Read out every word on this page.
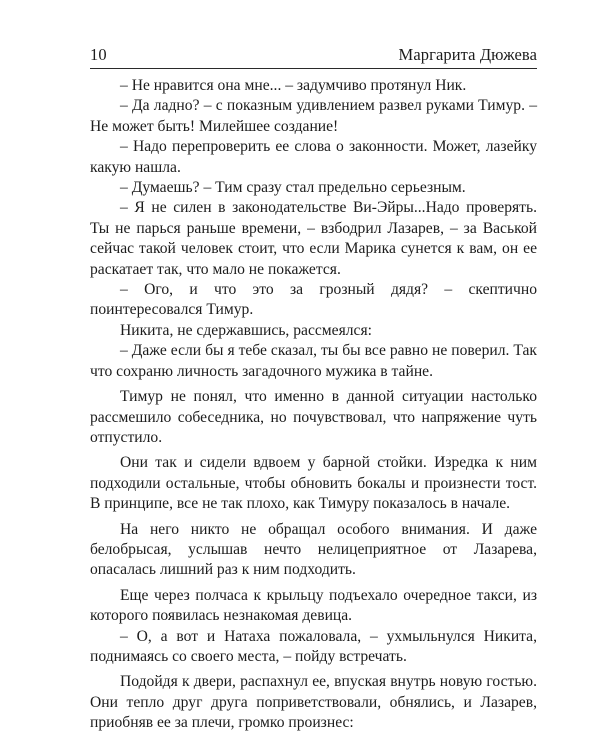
10	Маргарита Дюжева

– Не нравится она мне... – задумчиво протянул Ник.

– Да ладно? – с показным удивлением развел руками Тимур. – Не может быть! Милейшее создание!

– Надо перепроверить ее слова о законности. Может, лазейку какую нашла.

– Думаешь? – Тим сразу стал предельно серьезным.

– Я не силен в законодательстве Ви-Эйры...Надо проверять. Ты не парься раньше времени, – взбодрил Лазарев, – за Васькой сейчас такой человек стоит, что если Марика сунется к вам, он ее раскатает так, что мало не покажется.

– Ого, и что это за грозный дядя? – скептично поинтересовался Тимур.

Никита, не сдержавшись, рассмеялся:

– Даже если бы я тебе сказал, ты бы все равно не поверил. Так что сохраню личность загадочного мужика в тайне.

Тимур не понял, что именно в данной ситуации настолько рассмешило собеседника, но почувствовал, что напряжение чуть отпустило.

Они так и сидели вдвоем у барной стойки. Изредка к ним подходили остальные, чтобы обновить бокалы и произнести тост. В принципе, все не так плохо, как Тимуру показалось в начале.

На него никто не обращал особого внимания. И даже белобрысая, услышав нечто нелицеприятное от Лазарева, опасалась лишний раз к ним подходить.

Еще через полчаса к крыльцу подъехало очередное такси, из которого появилась незнакомая девица.

– О, а вот и Натаха пожаловала, – ухмыльнулся Никита, поднимаясь со своего места, – пойду встречать.

Подойдя к двери, распахнул ее, впуская внутрь новую гостью. Они тепло друг друга поприветствовали, обнялись, и Лазарев, приобняв ее за плечи, громко произнес:
